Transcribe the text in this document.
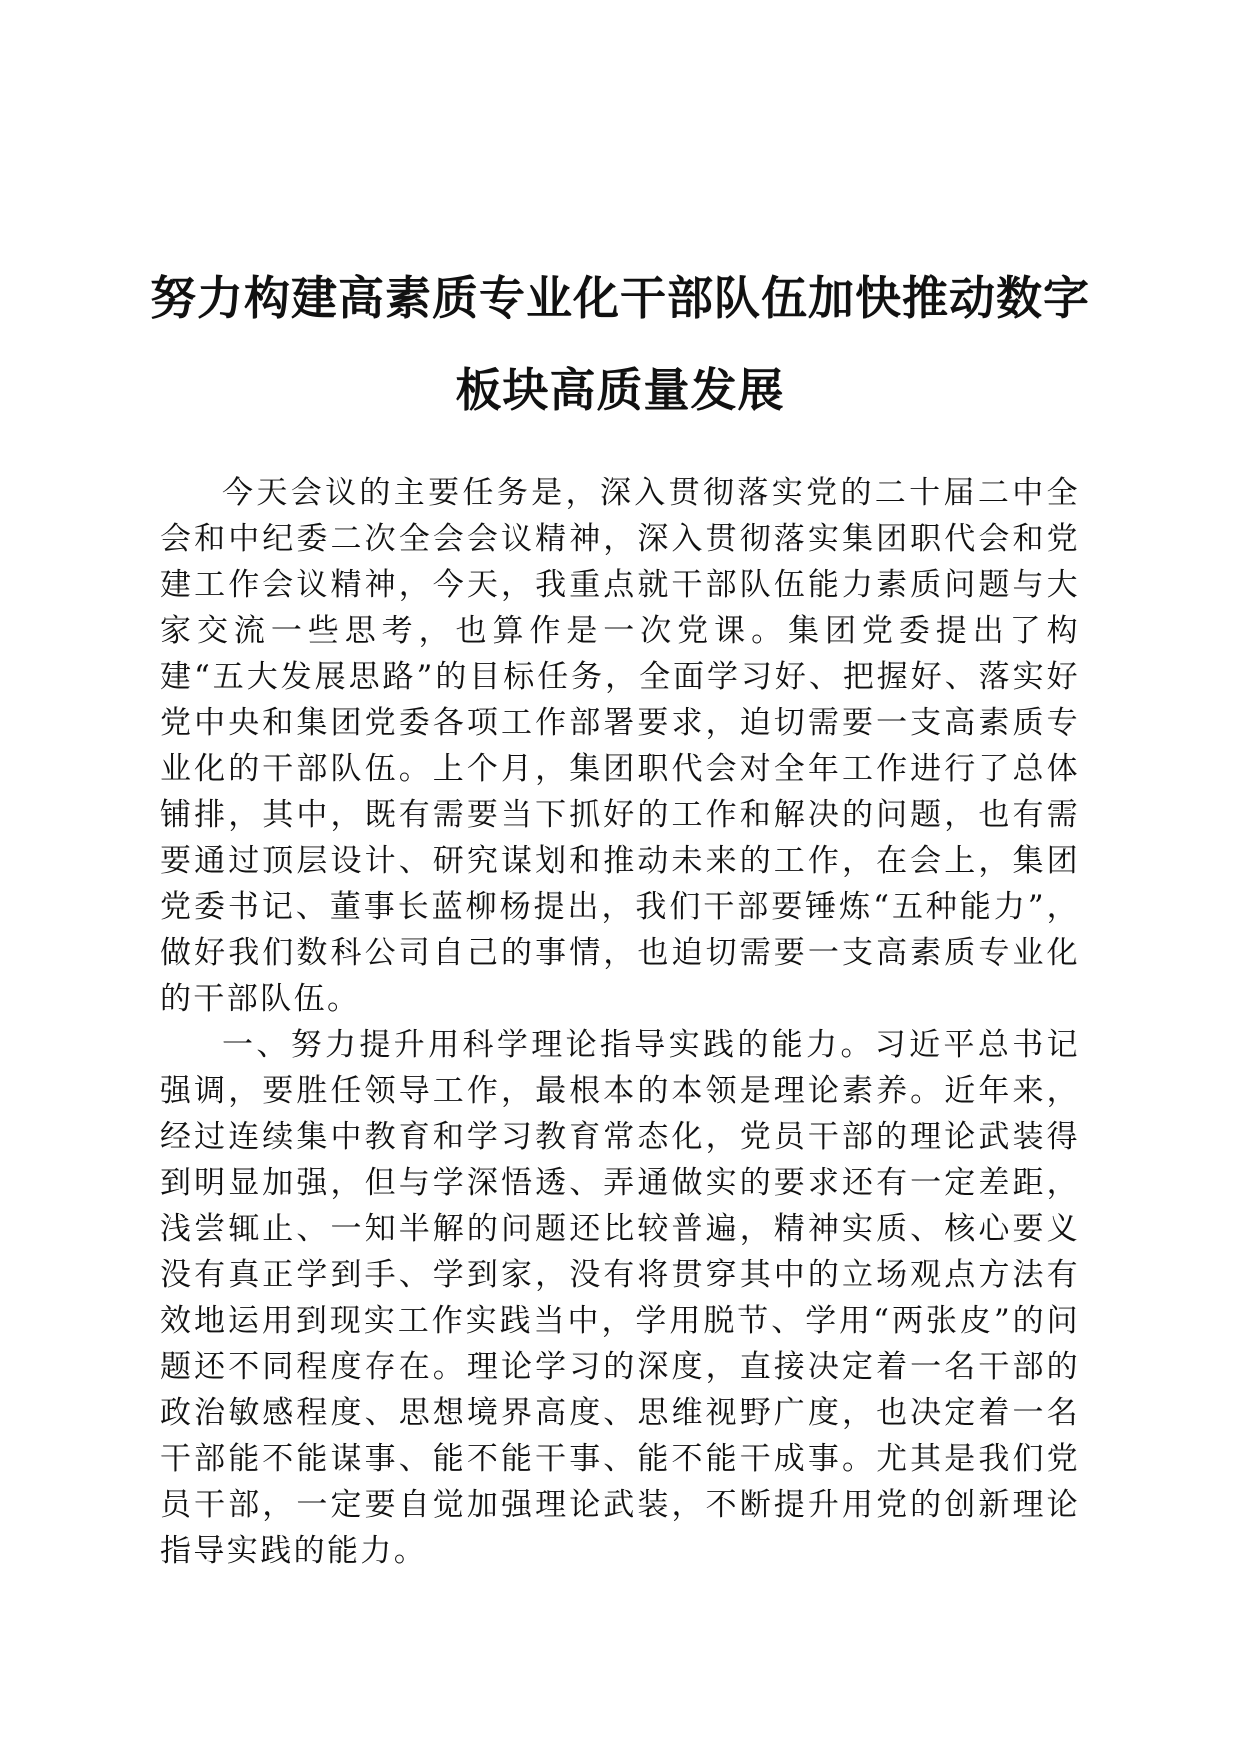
努力构建高素质专业化干部队伍加快推动数字
板块高质量发展

今天会议的主要任务是，深入贯彻落实党的二十届二中全会和中纪委二次全会会议精神，深入贯彻落实集团职代会和党建工作会议精神，今天，我重点就干部队伍能力素质问题与大家交流一些思考，也算作是一次党课。集团党委提出了构建“五大发展思路”的目标任务，全面学习好、把握好、落实好党中央和集团党委各项工作部署要求，迫切需要一支高素质专业化的干部队伍。上个月，集团职代会对全年工作进行了总体铺排，其中，既有需要当下抓好的工作和解决的问题，也有需要通过顶层设计、研究谋划和推动未来的工作，在会上，集团党委书记、董事长蓝柳杨提出，我们干部要锤炼“五种能力”，做好我们数科公司自己的事情，也迫切需要一支高素质专业化的干部队伍。

一、努力提升用科学理论指导实践的能力。习近平总书记强调，要胜任领导工作，最根本的本领是理论素养。近年来，经过连续集中教育和学习教育常态化，党员干部的理论武装得到明显加强，但与学深悟透、弄通做实的要求还有一定差距，浅尝辄止、一知半解的问题还比较普遍，精神实质、核心要义没有真正学到手、学到家，没有将贯穿其中的立场观点方法有效地运用到现实工作实践当中，学用脱节、学用“两张皮”的问题还不同程度存在。理论学习的深度，直接决定着一名干部的政治敏感程度、思想境界高度、思维视野广度，也决定着一名干部能不能谋事、能不能干事、能不能干成事。尤其是我们党员干部，一定要自觉加强理论武装，不断提升用党的创新理论指导实践的能力。
